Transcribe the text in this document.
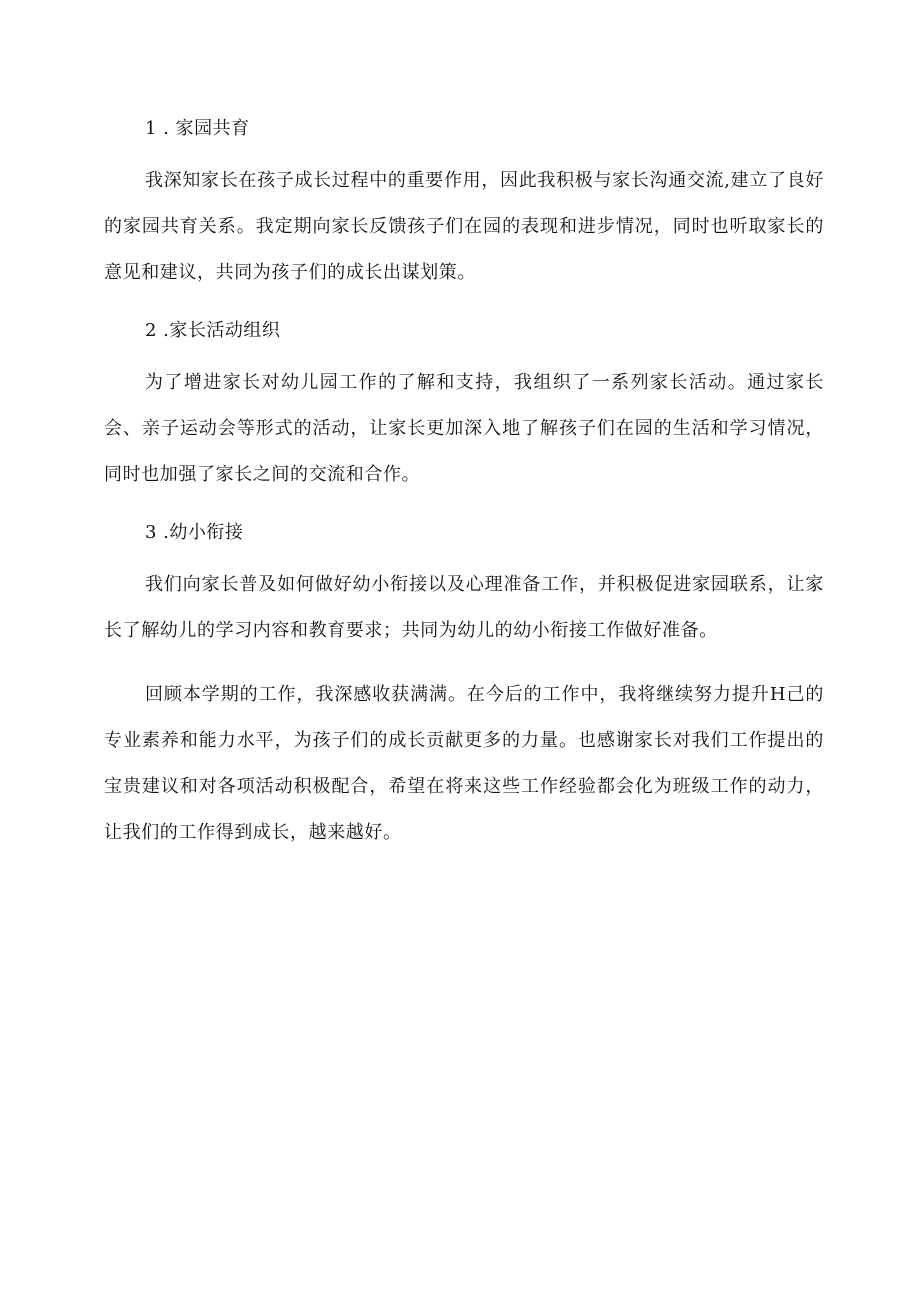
1 . 家园共育

我深知家长在孩子成长过程中的重要作用，因此我积极与家长沟通交流,建立了良好的家园共育关系。我定期向家长反馈孩子们在园的表现和进步情况，同时也听取家长的意见和建议，共同为孩子们的成长出谋划策。

2 .家长活动组织

为了增进家长对幼儿园工作的了解和支持，我组织了一系列家长活动。通过家长会、亲子运动会等形式的活动，让家长更加深入地了解孩子们在园的生活和学习情况，同时也加强了家长之间的交流和合作。

3 .幼小衔接

我们向家长普及如何做好幼小衔接以及心理准备工作，并积极促进家园联系，让家长了解幼儿的学习内容和教育要求；共同为幼儿的幼小衔接工作做好准备。

回顾本学期的工作，我深感收获满满。在今后的工作中，我将继续努力提升H己的专业素养和能力水平，为孩子们的成长贡献更多的力量。也感谢家长对我们工作提出的宝贵建议和对各项活动积极配合，希望在将来这些工作经验都会化为班级工作的动力，让我们的工作得到成长，越来越好。
